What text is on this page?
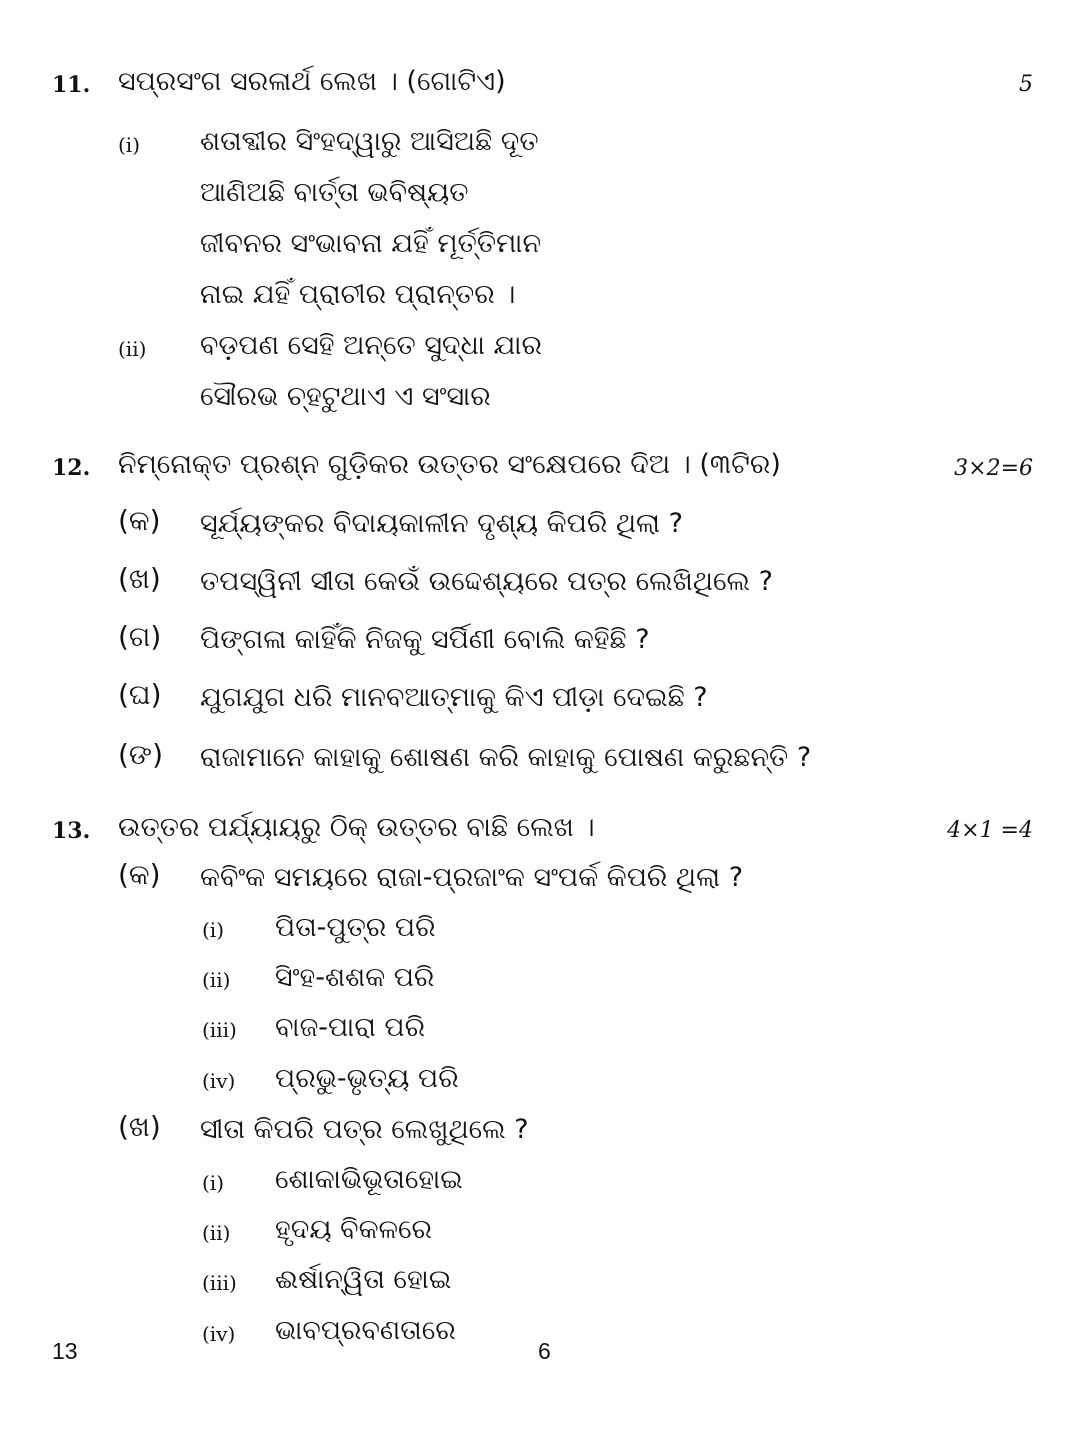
11. ସପ୍ରସଂଗ ସରଳାର୍ଥ ଲେଖ । (ଗୋଟିଏ)	5
(i) ଶତାବ୍ଦୀର ସିଂହଦ୍ୱାରୁ ଆସିଅଛି ଦୂତ
ଆଣିଅଛି ବାର୍ତ୍ତା ଭବିଷ୍ୟତ
ଜୀବନର ସଂଭାବନା ଯହିଁ ମୂର୍ତ୍ତିମାନ
ନାଇ ଯହିଁ ପ୍ରାଚୀର ପ୍ରାନ୍ତର ।
(ii) ବଡ଼ପଣ ସେହି ଅନ୍ତେ ସୁଦ୍ଧା ଯାର
ସୌରଭ ଚ୍ହଟୁଥାଏ ଏ ସଂସାର
12. ନିମ୍ନୋକ୍ତ ପ୍ରଶ୍ନ ଗୁଡ଼ିକର ଉତ୍ତର ସଂକ୍ଷେପରେ ଦିଅ । (୩ଟିର)	3×2=6
(କ) ସୂର୍ଯ୍ୟଙ୍କର ବିଦାୟକାଳୀନ ଦୃଶ୍ୟ କିପରି ଥିଲା ?
(ଖ) ତପସ୍ୱିନୀ ସୀତା କେଉଁ ଉଦ୍ଦେଶ୍ୟରେ ପତ୍ର ଲେଖିଥିଲେ ?
(ଗ) ପିଙ୍ଗଳା କାହିଁକି ନିଜକୁ ସର୍ପିଣୀ ବୋଲି କହିଛି ?
(ଘ) ଯୁଗଯୁଗ ଧରି ମାନବଆତ୍ମାକୁ କିଏ ପୀଡ଼ା ଦେଇଛି ?
(ଙ) ରାଜାମାନେ କାହାକୁ ଶୋଷଣ କରି କାହାକୁ ପୋଷଣ କରୁଛନ୍ତି ?
13. ଉତ୍ତର ପର୍ଯ୍ୟାୟରୁ ଠିକ୍ ଉତ୍ତର ବାଛି ଲେଖ ।	4×1 =4
(କ) କବିଂକ ସମୟରେ ରାଜା-ପ୍ରଜାଂକ ସଂପର୍କ କିପରି ଥିଲା ?
(i) ପିତା-ପୁତ୍ର ପରି
(ii) ସିଂହ-ଶଶକ ପରି
(iii) ବାଜ-ପାରା ପରି
(iv) ପ୍ରଭୁ-ଭୃତ୍ୟ ପରି
(ଖ) ସୀତା କିପରି ପତ୍ର ଲେଖୁଥିଲେ ?
(i) ଶୋକାଭିଭୂତାହୋଇ
(ii) ହୃଦୟ ବିକଳରେ
(iii) ଈର୍ଷାନ୍ୱିତା ହୋଇ
(iv) ଭାବପ୍ରବଣତାରେ
13	6
